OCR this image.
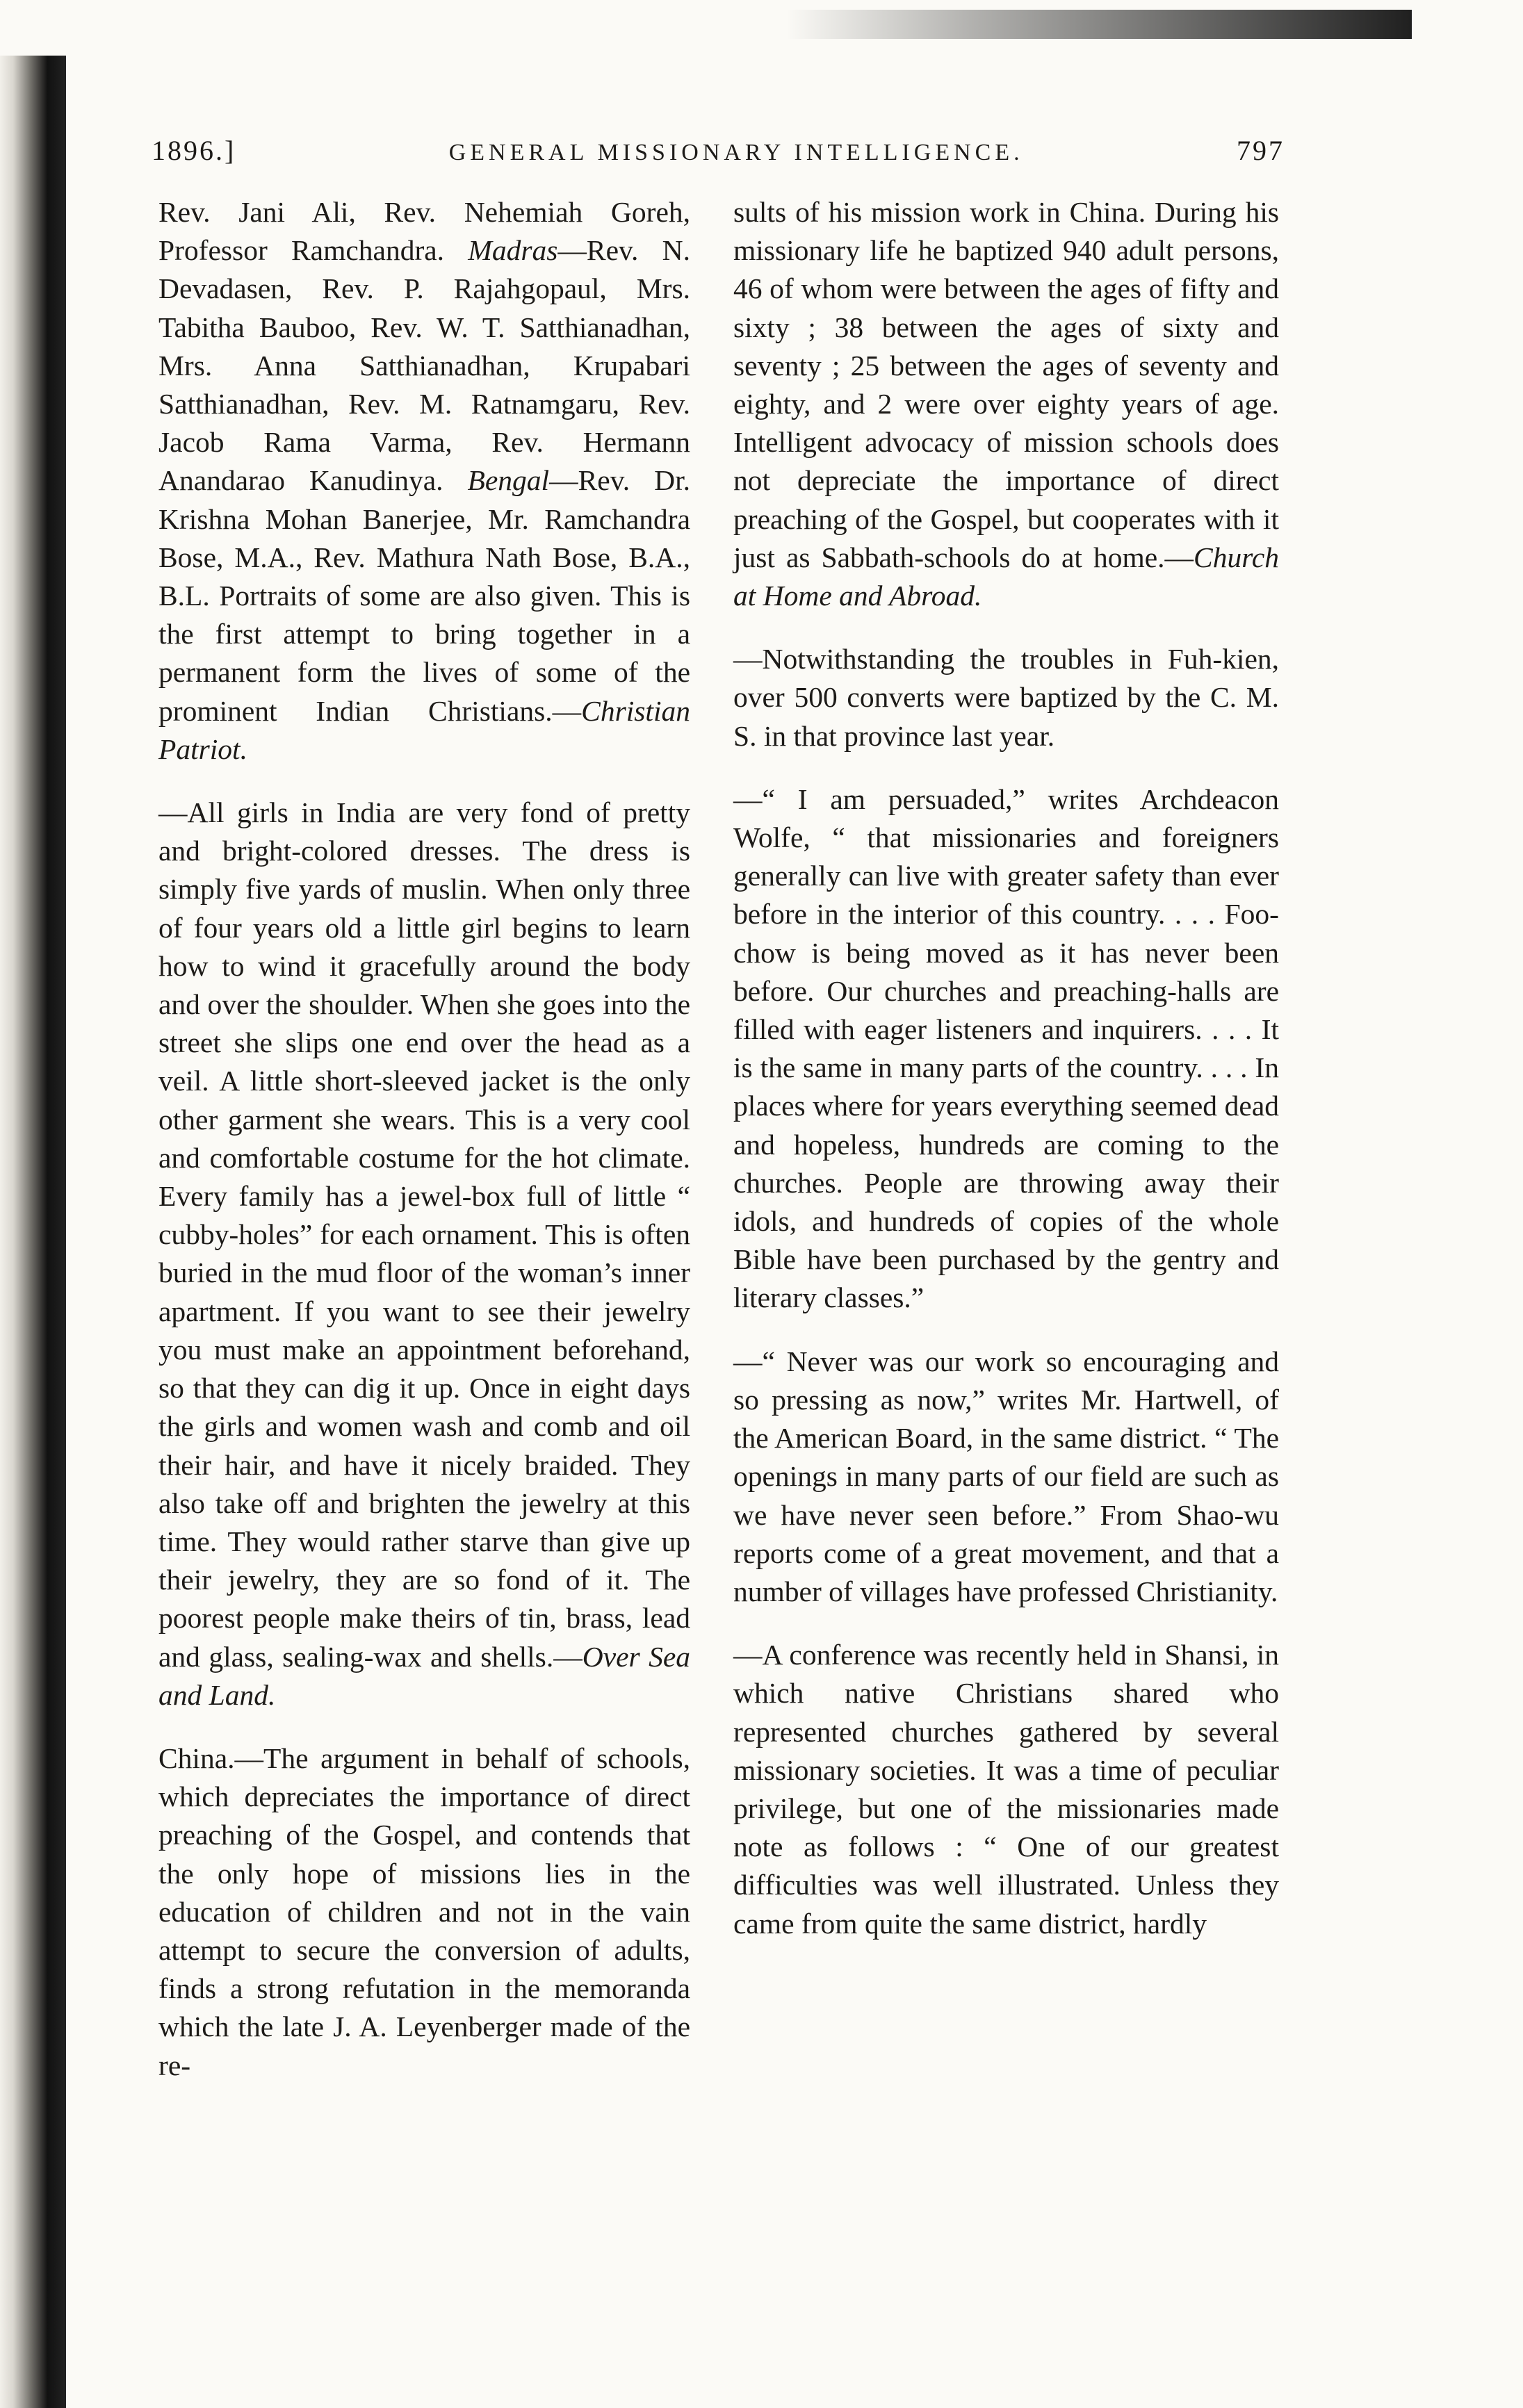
1896.]	GENERAL MISSIONARY INTELLIGENCE.	797

Rev. Jani Ali, Rev. Nehemiah Goreh, Professor Ramchandra. Madras—Rev. N. Devadasen, Rev. P. Rajahgopaul, Mrs. Tabitha Bauboo, Rev. W. T. Satthianadhan, Mrs. Anna Satthianadhan, Krupabari Satthianadhan, Rev. M. Ratnamgaru, Rev. Jacob Rama Varma, Rev. Hermann Anandarao Kanudinya. Bengal—Rev. Dr. Krishna Mohan Banerjee, Mr. Ramchandra Bose, M.A., Rev. Mathura Nath Bose, B.A., B.L. Portraits of some are also given. This is the first attempt to bring together in a permanent form the lives of some of the prominent Indian Christians.—Christian Patriot.

—All girls in India are very fond of pretty and bright-colored dresses. The dress is simply five yards of muslin. When only three of four years old a little girl begins to learn how to wind it gracefully around the body and over the shoulder. When she goes into the street she slips one end over the head as a veil. A little short-sleeved jacket is the only other garment she wears. This is a very cool and comfortable costume for the hot climate. Every family has a jewel-box full of little “ cubby-holes” for each ornament. This is often buried in the mud floor of the woman’s inner apartment. If you want to see their jewelry you must make an appointment beforehand, so that they can dig it up. Once in eight days the girls and women wash and comb and oil their hair, and have it nicely braided. They also take off and brighten the jewelry at this time. They would rather starve than give up their jewelry, they are so fond of it. The poorest people make theirs of tin, brass, lead and glass, sealing-wax and shells.—Over Sea and Land.

China.—The argument in behalf of schools, which depreciates the importance of direct preaching of the Gospel, and contends that the only hope of missions lies in the education of children and not in the vain attempt to secure the conversion of adults, finds a strong refutation in the memoranda which the late J. A. Leyenberger made of the re-

sults of his mission work in China. During his missionary life he baptized 940 adult persons, 46 of whom were between the ages of fifty and sixty ; 38 between the ages of sixty and seventy ; 25 between the ages of seventy and eighty, and 2 were over eighty years of age. Intelligent advocacy of mission schools does not depreciate the importance of direct preaching of the Gospel, but cooperates with it just as Sabbath-schools do at home.—Church at Home and Abroad.

—Notwithstanding the troubles in Fuh-kien, over 500 converts were baptized by the C. M. S. in that province last year.

—“ I am persuaded,” writes Archdeacon Wolfe, “ that missionaries and foreigners generally can live with greater safety than ever before in the interior of this country. . . . Foo-chow is being moved as it has never been before. Our churches and preaching-halls are filled with eager listeners and inquirers. . . . It is the same in many parts of the country. . . . In places where for years everything seemed dead and hopeless, hundreds are coming to the churches. People are throwing away their idols, and hundreds of copies of the whole Bible have been purchased by the gentry and literary classes.”

—“ Never was our work so encouraging and so pressing as now,” writes Mr. Hartwell, of the American Board, in the same district. “ The openings in many parts of our field are such as we have never seen before.” From Shao-wu reports come of a great movement, and that a number of villages have professed Christianity.

—A conference was recently held in Shansi, in which native Christians shared who represented churches gathered by several missionary societies. It was a time of peculiar privilege, but one of the missionaries made note as follows : “ One of our greatest difficulties was well illustrated. Unless they came from quite the same district, hardly
